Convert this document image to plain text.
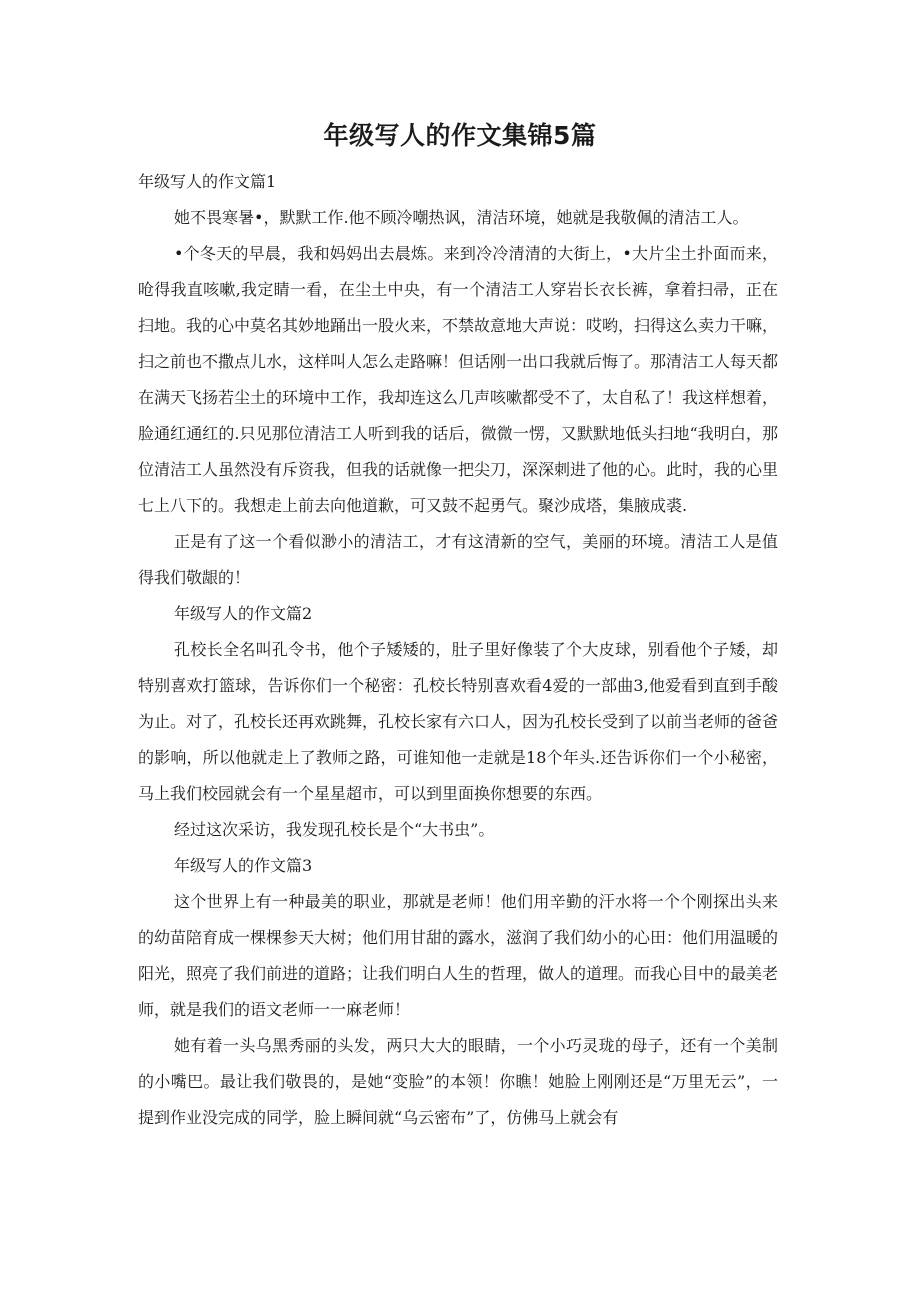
年级写人的作文集锦5篇

年级写人的作文篇1

她不畏寒暑•，默默工作.他不顾冷嘲热讽，清洁环境，她就是我敬佩的清洁工人。

•个冬天的早晨，我和妈妈出去晨炼。来到冷冷清清的大街上，•大片尘土扑面而来，呛得我直咳嗽,我定睛一看，在尘土中央，有一个清洁工人穿岩长衣长裤，拿着扫帚，正在扫地。我的心中莫名其妙地踊出一股火来，不禁故意地大声说：哎哟，扫得这么卖力干嘛，扫之前也不撒点儿水，这样叫人怎么走路嘛！但话刚一出口我就后悔了。那清洁工人每天都在满天飞扬若尘土的环境中工作，我却连这么几声咳嗽都受不了，太自私了！我这样想着，脸通红通红的.只见那位清洁工人听到我的话后，微微一愣，又默默地低头扫地“我明白，那位清洁工人虽然没有斥资我，但我的话就像一把尖刀，深深刺进了他的心。此时，我的心里七上八下的。我想走上前去向他道歉，可又鼓不起勇气。聚沙成塔，集腋成裘.

正是有了这一个看似渺小的清洁工，才有这清新的空气，美丽的环境。清洁工人是值得我们敬龈的！

年级写人的作文篇2

孔校长全名叫孔令书，他个子矮矮的，肚子里好像装了个大皮球，别看他个子矮，却特别喜欢打篮球，告诉你们一个秘密：孔校长特别喜欢看4爱的一部曲3,他爱看到直到手酸为止。对了，孔校长还再欢跳舞，孔校长家有六口人，因为孔校长受到了以前当老师的爸爸的影响，所以他就走上了教师之路，可谁知他一走就是18个年头.还告诉你们一个小秘密，马上我们校园就会有一个星星超市，可以到里面换你想要的东西。

经过这次采访，我发现孔校长是个“大书虫”。

年级写人的作文篇3

这个世界上有一种最美的职业，那就是老师！他们用辛勤的汗水将一个个刚探出头来的幼苗陪育成一棵棵参天大树；他们用甘甜的露水，滋润了我们幼小的心田：他们用温暖的阳光，照亮了我们前进的道路；让我们明白人生的哲理，做人的道理。而我心目中的最美老师，就是我们的语文老师一一麻老师！

她有着一头乌黑秀丽的头发，两只大大的眼睛，一个小巧灵珑的母子，还有一个美制的小嘴巴。最让我们敬畏的，是她“变脸”的本领！你瞧！她脸上刚刚还是“万里无云”，一提到作业没完成的同学，脸上瞬间就“乌云密布”了，仿佛马上就会有
